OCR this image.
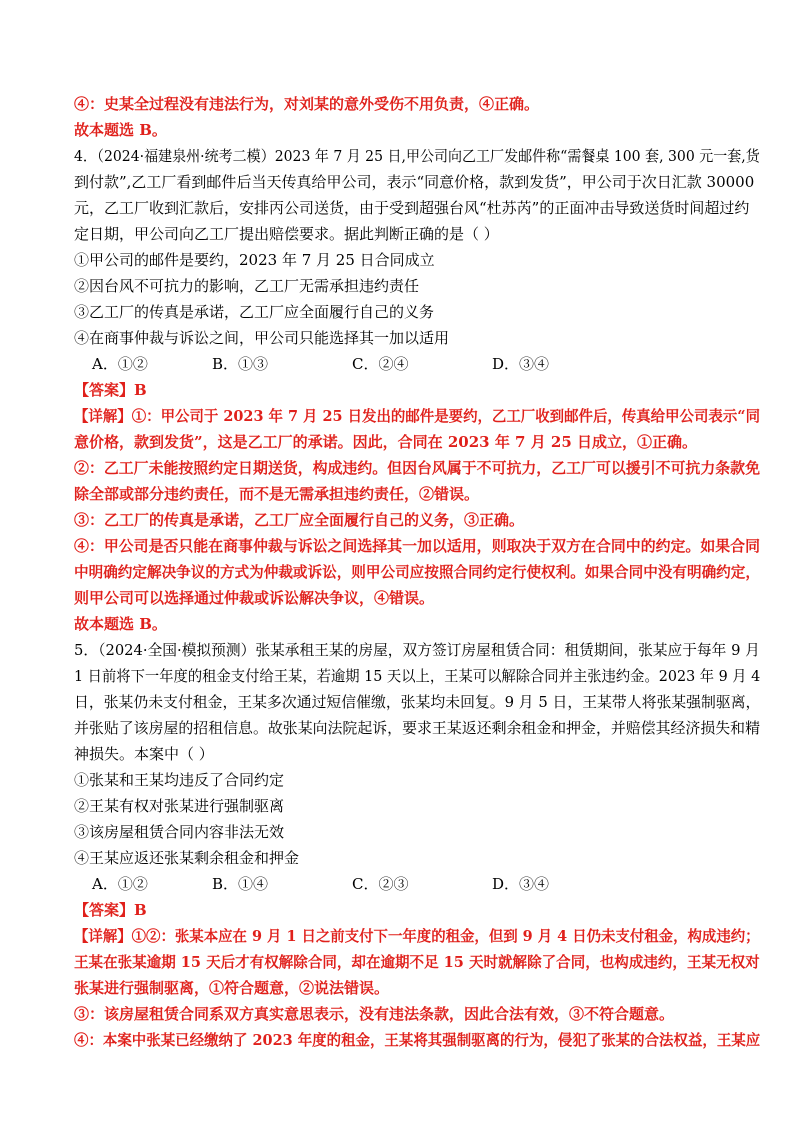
④：史某全过程没有违法行为，对刘某的意外受伤不用负责，④正确。
故本题选 B。
4．（2024·福建泉州·统考二模）2023 年 7 月 25 日,甲公司向乙工厂发邮件称“需餐桌 100 套, 300 元一套,货
到付款”,乙工厂看到邮件后当天传真给甲公司，表示“同意价格，款到发货”，甲公司于次日汇款 30000
元，乙工厂收到汇款后，安排丙公司送货，由于受到超强台风“杜苏芮”的正面冲击导致送货时间超过约
定日期，甲公司向乙工厂提出赔偿要求。据此判断正确的是（ ）
①甲公司的邮件是要约，2023 年 7 月 25 日合同成立
②因台风不可抗力的影响，乙工厂无需承担违约责任
③乙工厂的传真是承诺，乙工厂应全面履行自己的义务
④在商事仲裁与诉讼之间，甲公司只能选择其一加以适用
A．①②	B．①③	C．②④	D．③④
【答案】B
【详解】①：甲公司于 2023 年 7 月 25 日发出的邮件是要约，乙工厂收到邮件后，传真给甲公司表示“同
意价格，款到发货”，这是乙工厂的承诺。因此，合同在 2023 年 7 月 25 日成立，①正确。
②：乙工厂未能按照约定日期送货，构成违约。但因台风属于不可抗力，乙工厂可以援引不可抗力条款免
除全部或部分违约责任，而不是无需承担违约责任，②错误。
③：乙工厂的传真是承诺，乙工厂应全面履行自己的义务，③正确。
④：甲公司是否只能在商事仲裁与诉讼之间选择其一加以适用，则取决于双方在合同中的约定。如果合同
中明确约定解决争议的方式为仲裁或诉讼，则甲公司应按照合同约定行使权利。如果合同中没有明确约定，
则甲公司可以选择通过仲裁或诉讼解决争议，④错误。
故本题选 B。
5．（2024·全国·模拟预测）张某承租王某的房屋，双方签订房屋租赁合同：租赁期间，张某应于每年 9 月
1 日前将下一年度的租金支付给王某，若逾期 15 天以上，王某可以解除合同并主张违约金。2023 年 9 月 4
日，张某仍未支付租金，王某多次通过短信催缴，张某均未回复。9 月 5 日，王某带人将张某强制驱离，
并张贴了该房屋的招租信息。故张某向法院起诉，要求王某返还剩余租金和押金，并赔偿其经济损失和精
神损失。本案中（ ）
①张某和王某均违反了合同约定
②王某有权对张某进行强制驱离
③该房屋租赁合同内容非法无效
④王某应返还张某剩余租金和押金
A．①②	B．①④	C．②③	D．③④
【答案】B
【详解】①②：张某本应在 9 月 1 日之前支付下一年度的租金，但到 9 月 4 日仍未支付租金，构成违约；
王某在张某逾期 15 天后才有权解除合同，却在逾期不足 15 天时就解除了合同，也构成违约，王某无权对
张某进行强制驱离，①符合题意，②说法错误。
③：该房屋租赁合同系双方真实意思表示，没有违法条款，因此合法有效，③不符合题意。
④：本案中张某已经缴纳了 2023 年度的租金，王某将其强制驱离的行为，侵犯了张某的合法权益，王某应
